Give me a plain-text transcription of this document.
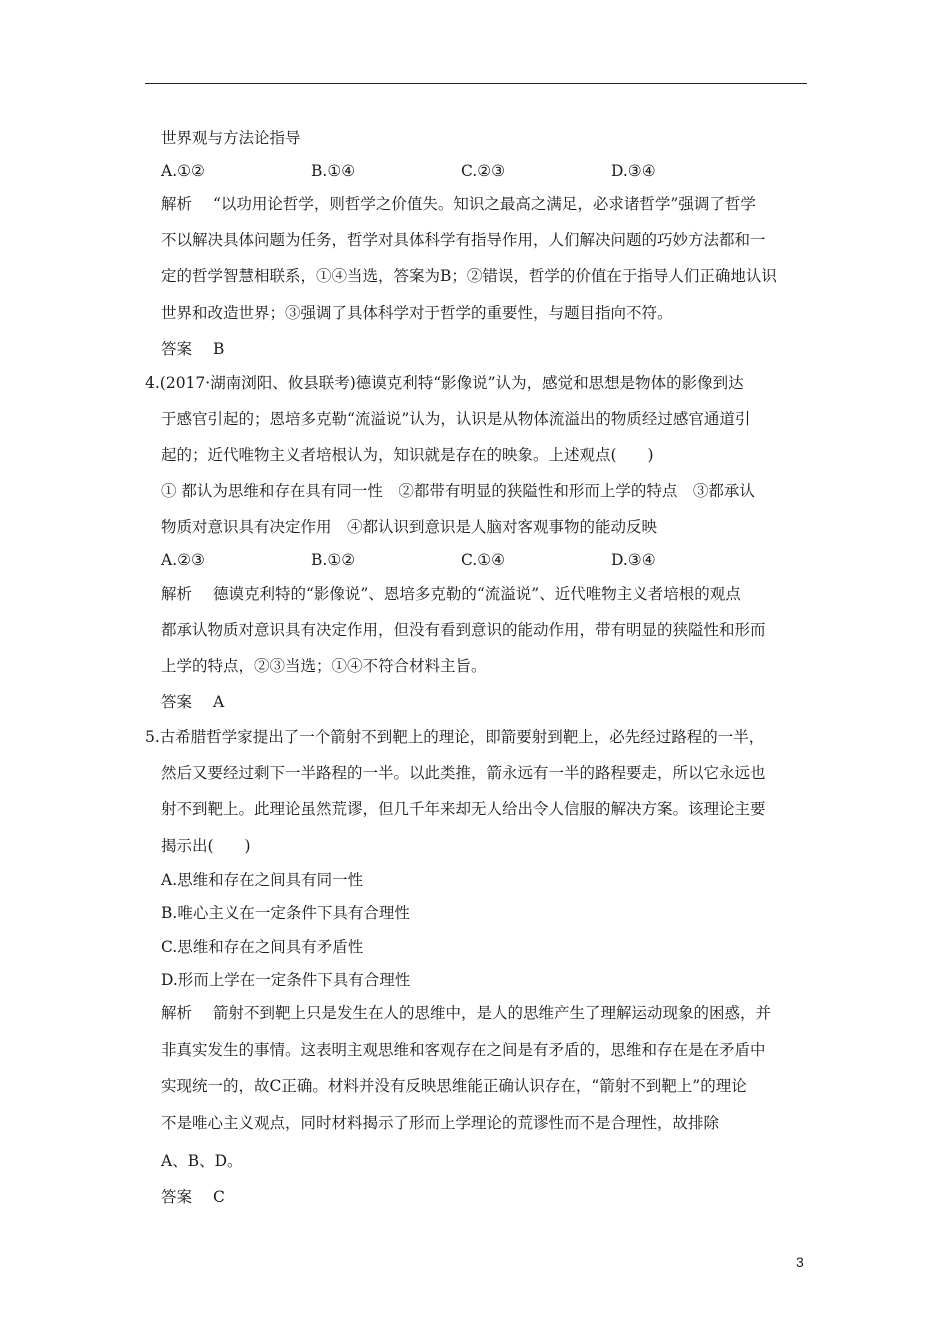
世界观与方法论指导
A.①②	B.①④	C.②③	D.③④
解析 “以功用论哲学，则哲学之价值失。知识之最高之满足，必求诸哲学”强调了哲学
不以解决具体问题为任务，哲学对具体科学有指导作用，人们解决问题的巧妙方法都和一
定的哲学智慧相联系，①④当选，答案为B；②错误，哲学的价值在于指导人们正确地认识
世界和改造世界；③强调了具体科学对于哲学的重要性，与题目指向不符。
答案 B
4.(2017·湖南浏阳、攸县联考)德谟克利特“影像说”认为，感觉和思想是物体的影像到达
于感官引起的；恩培多克勒“流溢说”认为，认识是从物体流溢出的物质经过感官通道引
起的；近代唯物主义者培根认为，知识就是存在的映象。上述观点(　　)
① 都认为思维和存在具有同一性　②都带有明显的狭隘性和形而上学的特点　③都承认
物质对意识具有决定作用　④都认识到意识是人脑对客观事物的能动反映
A.②③	B.①②	C.①④	D.③④
解析 德谟克利特的“影像说”、恩培多克勒的“流溢说”、近代唯物主义者培根的观点
都承认物质对意识具有决定作用，但没有看到意识的能动作用，带有明显的狭隘性和形而
上学的特点，②③当选；①④不符合材料主旨。
答案 A
5.古希腊哲学家提出了一个箭射不到靶上的理论，即箭要射到靶上，必先经过路程的一半，
然后又要经过剩下一半路程的一半。以此类推，箭永远有一半的路程要走，所以它永远也
射不到靶上。此理论虽然荒谬，但几千年来却无人给出令人信服的解决方案。该理论主要
揭示出(　　)
A.思维和存在之间具有同一性
B.唯心主义在一定条件下具有合理性
C.思维和存在之间具有矛盾性
D.形而上学在一定条件下具有合理性
解析 箭射不到靶上只是发生在人的思维中，是人的思维产生了理解运动现象的困惑，并
非真实发生的事情。这表明主观思维和客观存在之间是有矛盾的，思维和存在是在矛盾中
实现统一的，故C正确。材料并没有反映思维能正确认识存在，“箭射不到靶上”的理论
不是唯心主义观点，同时材料揭示了形而上学理论的荒谬性而不是合理性，故排除
A、B、D。
答案 C
3
